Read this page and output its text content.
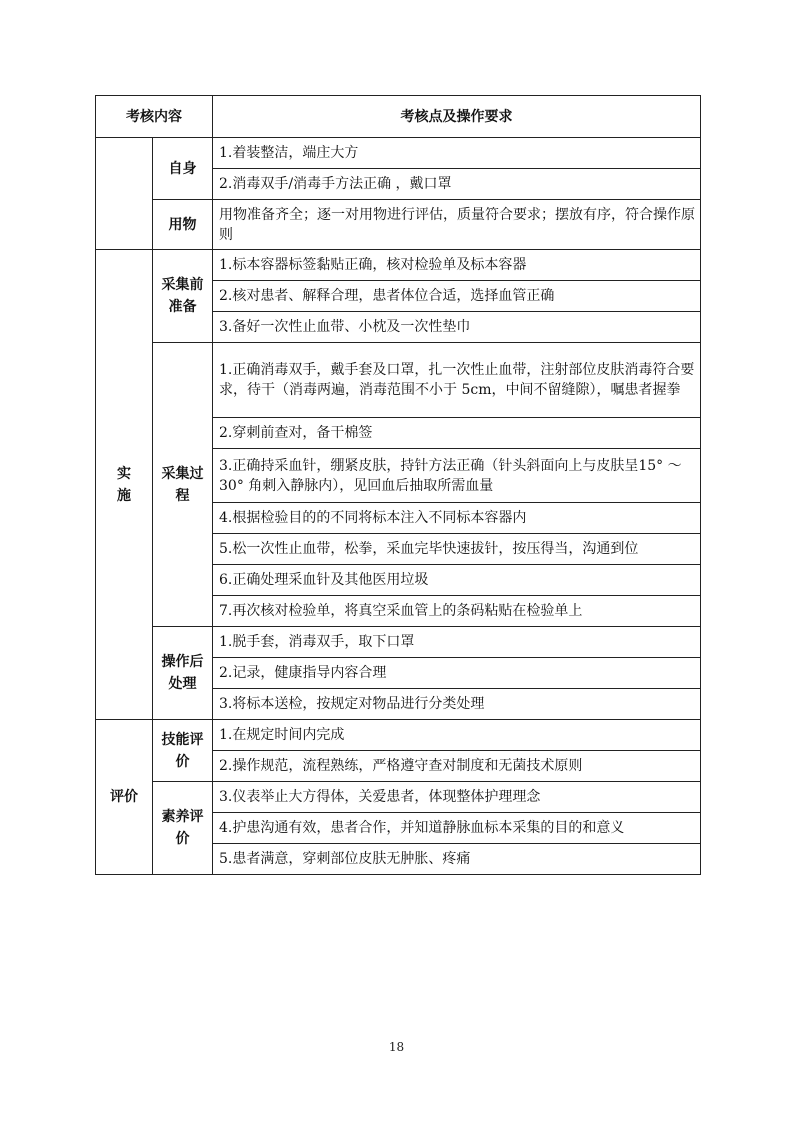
考核内容		考核点及操作要求
	自身	1.着装整洁，端庄大方
		2.消毒双手/消毒手方法正确 ，戴口罩
	用物	用物准备齐全；逐一对用物进行评估，质量符合要求；摆放有序，符合操作原则
实施	采集前准备	1.标本容器标签黏贴正确，核对检验单及标本容器
		2.核对患者、解释合理，患者体位合适，选择血管正确
		3.备好一次性止血带、小枕及一次性垫巾
	采集过程	1.正确消毒双手，戴手套及口罩，扎一次性止血带，注射部位皮肤消毒符合要求，待干（消毒两遍，消毒范围不小于 5cm，中间不留缝隙），嘱患者握拳
		2.穿刺前查对，备干棉签
		3.正确持采血针，绷紧皮肤，持针方法正确（针头斜面向上与皮肤呈15° ～30° 角刺入静脉内），见回血后抽取所需血量
		4.根据检验目的的不同将标本注入不同标本容器内
		5.松一次性止血带，松拳，采血完毕快速拔针，按压得当，沟通到位
		6.正确处理采血针及其他医用垃圾
		7.再次核对检验单，将真空采血管上的条码粘贴在检验单上
	操作后处理	1.脱手套，消毒双手，取下口罩
		2.记录，健康指导内容合理
		3.将标本送检，按规定对物品进行分类处理
评价	技能评价	1.在规定时间内完成
		2.操作规范，流程熟练，严格遵守查对制度和无菌技术原则
	素养评价	3.仪表举止大方得体，关爱患者，体现整体护理理念
		4.护患沟通有效，患者合作，并知道静脉血标本采集的目的和意义
		5.患者满意，穿刺部位皮肤无肿胀、疼痛
18
